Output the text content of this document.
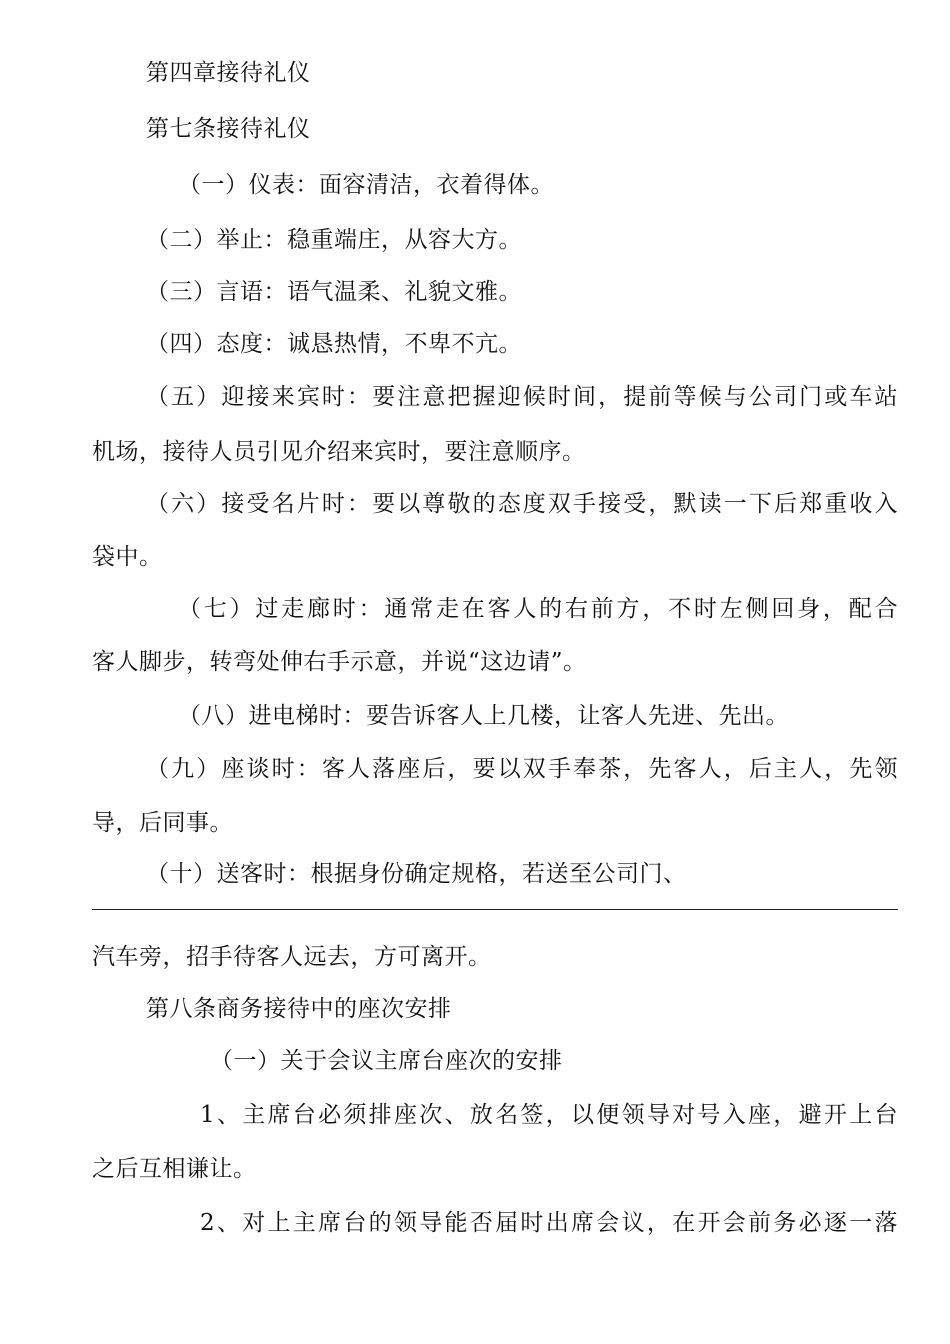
第四章接待礼仪
第七条接待礼仪
（一）仪表：面容清洁，衣着得体。
（二）举止：稳重端庄，从容大方。
（三）言语：语气温柔、礼貌文雅。
（四）态度：诚恳热情，不卑不亢。
（五）迎接来宾时：要注意把握迎候时间，提前等候与公司门或车站
机场，接待人员引见介绍来宾时，要注意顺序。
（六）接受名片时：要以尊敬的态度双手接受，默读一下后郑重收入
袋中。
（七）过走廊时：通常走在客人的右前方，不时左侧回身，配合
客人脚步，转弯处伸右手示意，并说“这边请”。
（八）进电梯时：要告诉客人上几楼，让客人先进、先出。
（九）座谈时：客人落座后，要以双手奉茶，先客人，后主人，先领
导，后同事。
（十）送客时：根据身份确定规格，若送至公司门、
汽车旁，招手待客人远去，方可离开。
第八条商务接待中的座次安排
（一）关于会议主席台座次的安排
1、主席台必须排座次、放名签，以便领导对号入座，避开上台
之后互相谦让。
2、对上主席台的领导能否届时出席会议，在开会前务必逐一落
